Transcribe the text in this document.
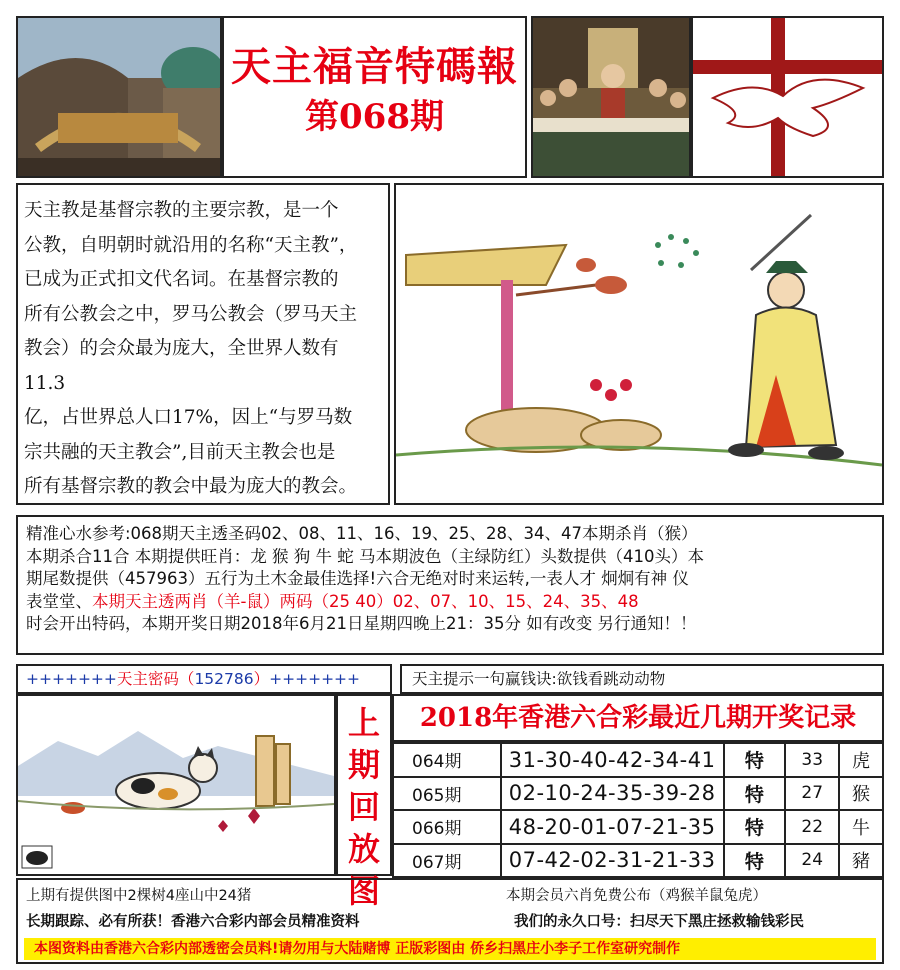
天主福音特碼報
第068期
天主教是基督宗教的主要宗教，是一个
公教，自明朝时就沿用的名称“天主教”，
已成为正式扣文代名词。在基督宗教的
所有公教会之中，罗马公教会（罗马天主
教会）的会众最为庞大，全世界人数有11.3
亿，占世界总人口17%，因上“与罗马数
宗共融的天主教会”,目前天主教会也是
所有基督宗教的教会中最为庞大的教会。
精准心水参考:068期天主透圣码02、08、11、16、19、25、28、34、47本期杀肖（猴）
本期杀合11合 本期提供旺肖：龙 猴 狗 牛 蛇 马本期波色（主绿防红）头数提供（410头）本
期尾数提供（457963）五行为土木金最佳选择!六合无绝对时来运转,一表人才 炯炯有神 仪
表堂堂、本期天主透两肖（羊-鼠）两码（25 40）02、07、10、15、24、35、48
时会开出特码，本期开奖日期2018年6月21日星期四晚上21：35分 如有改变 另行通知！！
+++++++天主密码（152786）+++++++	天主提示一句赢钱诀:欲钱看跳动动物
上
期
回
放
图
2018年香港六合彩最近几期开奖记录
064期	31-30-40-42-34-41	特	33	虎
065期	02-10-24-35-39-28	特	27	猴
066期	48-20-01-07-21-35	特	22	牛
067期	07-42-02-31-21-33	特	24	豬
上期有提供图中2棵树4座山中24猪	本期会员六肖免费公布（鸡猴羊鼠兔虎）
长期跟踪、必有所获！香港六合彩内部会员精准资料	我们的永久口号：扫尽天下黑庄拯救输钱彩民
本图资料由香港六合彩内部透密会员料!请勿用与大陆赌博 正版彩图由 侨乡扫黑庄小李子工作室研究制作
